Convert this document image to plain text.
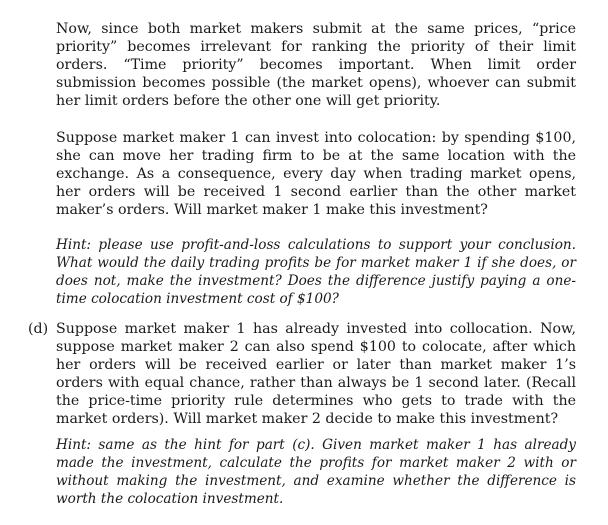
Now, since both market makers submit at the same prices, “price priority” becomes irrelevant for ranking the priority of their limit orders. “Time priority” becomes important. When limit order submission becomes possible (the market opens), whoever can submit her limit orders before the other one will get priority.
Suppose market maker 1 can invest into colocation: by spending $100, she can move her trading firm to be at the same location with the exchange. As a consequence, every day when trading market opens, her orders will be received 1 second earlier than the other market maker’s orders. Will market maker 1 make this investment?
Hint: please use profit-and-loss calculations to support your conclusion. What would the daily trading profits be for market maker 1 if she does, or does not, make the investment? Does the difference justify paying a one-time colocation investment cost of $100?
(d) Suppose market maker 1 has already invested into collocation. Now, suppose market maker 2 can also spend $100 to colocate, after which her orders will be received earlier or later than market maker 1’s orders with equal chance, rather than always be 1 second later. (Recall the price-time priority rule determines who gets to trade with the market orders). Will market maker 2 decide to make this investment?
Hint: same as the hint for part (c). Given market maker 1 has already made the investment, calculate the profits for market maker 2 with or without making the investment, and examine whether the difference is worth the colocation investment.
